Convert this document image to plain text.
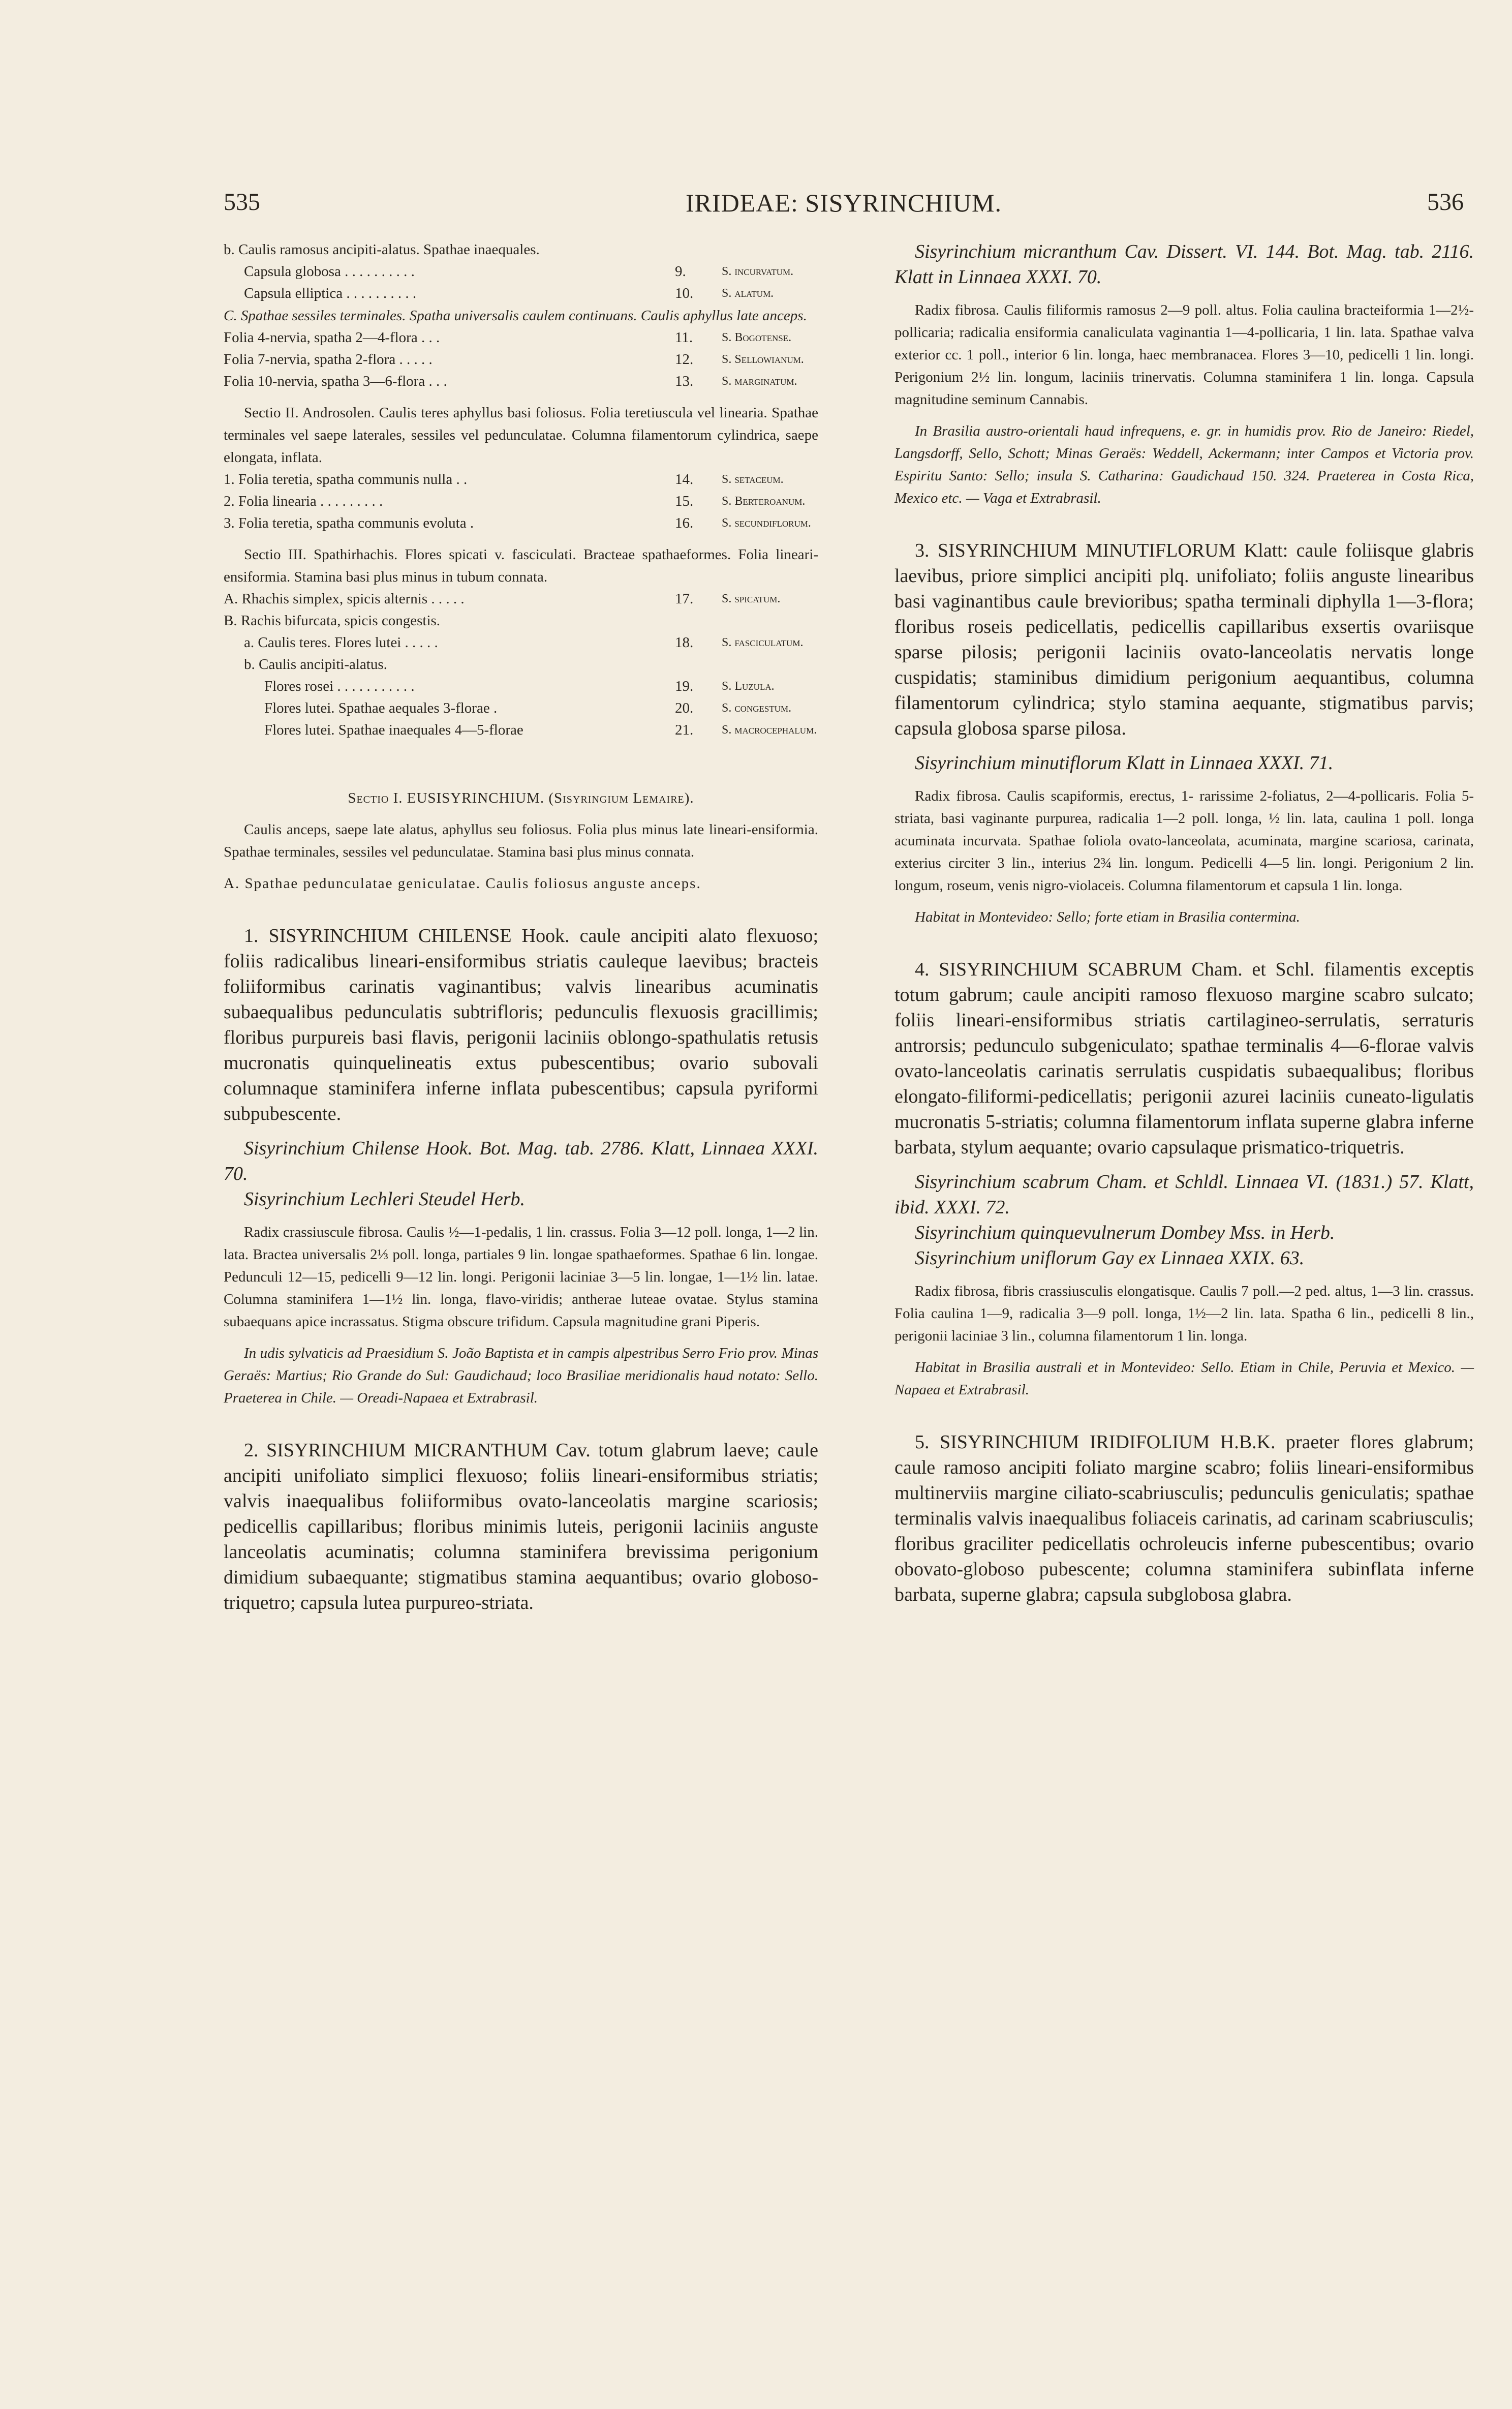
535	IRIDEAE: SISYRINCHIUM.	536
b. Caulis ramosus ancipiti-alatus. Spathae inaequales.
Capsula globosa . . . . . . . . . .	9.	S. incurvatum.
Capsula elliptica . . . . . . . . . .	10.	S. alatum.

C. Spathae sessiles terminales. Spatha universalis caulem continuans. Caulis aphyllus late anceps.

Folia 4-nervia, spatha 2—4-flora . . .	11.	S. Bogotense.
Folia 7-nervia, spatha 2-flora . . . . .	12.	S. Sellowianum.
Folia 10-nervia, spatha 3—6-flora . . .	13.	S. marginatum.

Sectio II. Androsolen. Caulis teres aphyllus basi foliosus. Folia teretiuscula vel linearia. Spathae terminales vel saepe laterales, sessiles vel pedunculatae. Columna filamentorum cylindrica, saepe elongata, inflata.

1. Folia teretia, spatha communis nulla . .	14.	S. setaceum.
2. Folia linearia . . . . . . . . .	15.	S. Berteroanum.
3. Folia teretia, spatha communis evoluta .	16.	S. secundiflorum.

Sectio III. Spathirhachis. Flores spicati v. fasciculati. Bracteae spathaeformes. Folia lineari-ensiformia. Stamina basi plus minus in tubum connata.

A. Rhachis simplex, spicis alternis . . . . .	17.	S. spicatum.
B. Rachis bifurcata, spicis congestis.
a. Caulis teres. Flores lutei . . . . .	18.	S. fasciculatum.
b. Caulis ancipiti-alatus.
Flores rosei . . . . . . . . . . .	19.	S. Luzula.
Flores lutei. Spathae aequales 3-florae .	20.	S. congestum.
Flores lutei. Spathae inaequales 4—5-florae	21.	S. macrocephalum.

Sectio I. EUSISYRINCHIUM. (Sisyringium Lemaire).

Caulis anceps, saepe late alatus, aphyllus seu foliosus. Folia plus minus late lineari-ensiformia. Spathae terminales, sessiles vel pedunculatae. Stamina basi plus minus connata.

A. Spathae pedunculatae geniculatae. Caulis foliosus anguste anceps.

1. SISYRINCHIUM CHILENSE Hook. caule ancipiti alato flexuoso; foliis radicalibus lineari-ensiformibus striatis cauleque laevibus; bracteis foliiformibus carinatis vaginantibus; valvis linearibus acuminatis subaequalibus pedunculatis subtrifloris; pedunculis flexuosis gracillimis; floribus purpureis basi flavis, perigonii laciniis oblongo-spathulatis retusis mucronatis quinquelineatis extus pubescentibus; ovario subovali columnaque staminifera inferne inflata pubescentibus; capsula pyriformi subpubescente.

Sisyrinchium Chilense Hook. Bot. Mag. tab. 2786. Klatt, Linnaea XXXI. 70.

Sisyrinchium Lechleri Steudel Herb.

Radix crassiuscule fibrosa. Caulis ½—1-pedalis, 1 lin. crassus. Folia 3—12 poll. longa, 1—2 lin. lata. Bractea universalis 2⅓ poll. longa, partiales 9 lin. longae spathaeformes. Spathae 6 lin. longae. Pedunculi 12—15, pedicelli 9—12 lin. longi. Perigonii laciniae 3—5 lin. longae, 1—1½ lin. latae. Columna staminifera 1—1½ lin. longa, flavo-viridis; antherae luteae ovatae. Stylus stamina subaequans apice incrassatus. Stigma obscure trifidum. Capsula magnitudine grani Piperis.

In udis sylvaticis ad Praesidium S. João Baptista et in campis alpestribus Serro Frio prov. Minas Geraës: Martius; Rio Grande do Sul: Gaudichaud; loco Brasiliae meridionalis haud notato: Sello. Praeterea in Chile. — Oreadi-Napaea et Extrabrasil.

2. SISYRINCHIUM MICRANTHUM Cav. totum glabrum laeve; caule ancipiti unifoliato simplici flexuoso; foliis lineari-ensiformibus striatis; valvis inaequalibus foliiformibus ovato-lanceolatis margine scariosis; pedicellis capillaribus; floribus minimis luteis, perigonii laciniis anguste lanceolatis acuminatis; columna staminifera brevissima perigonium dimidium subaequante; stigmatibus stamina aequantibus; ovario globoso-triquetro; capsula lutea purpureo-striata.

Sisyrinchium micranthum Cav. Dissert. VI. 144. Bot. Mag. tab. 2116. Klatt in Linnaea XXXI. 70.

Radix fibrosa. Caulis filiformis ramosus 2—9 poll. altus. Folia caulina bracteiformia 1—2½-pollicaria; radicalia ensiformia canaliculata vaginantia 1—4-pollicaria, 1 lin. lata. Spathae valva exterior cc. 1 poll., interior 6 lin. longa, haec membranacea. Flores 3—10, pedicelli 1 lin. longi. Perigonium 2½ lin. longum, laciniis trinervatis. Columna staminifera 1 lin. longa. Capsula magnitudine seminum Cannabis.

In Brasilia austro-orientali haud infrequens, e. gr. in humidis prov. Rio de Janeiro: Riedel, Langsdorff, Sello, Schott; Minas Geraës: Weddell, Ackermann; inter Campos et Victoria prov. Espiritu Santo: Sello; insula S. Catharina: Gaudichaud 150. 324. Praeterea in Costa Rica, Mexico etc. — Vaga et Extrabrasil.

3. SISYRINCHIUM MINUTIFLORUM Klatt: caule foliisque glabris laevibus, priore simplici ancipiti plq. unifoliato; foliis anguste linearibus basi vaginantibus caule brevioribus; spatha terminali diphylla 1—3-flora; floribus roseis pedicellatis, pedicellis capillaribus exsertis ovariisque sparse pilosis; perigonii laciniis ovato-lanceolatis nervatis longe cuspidatis; staminibus dimidium perigonium aequantibus, columna filamentorum cylindrica; stylo stamina aequante, stigmatibus parvis; capsula globosa sparse pilosa.

Sisyrinchium minutiflorum Klatt in Linnaea XXXI. 71.

Radix fibrosa. Caulis scapiformis, erectus, 1- rarissime 2-foliatus, 2—4-pollicaris. Folia 5-striata, basi vaginante purpurea, radicalia 1—2 poll. longa, ½ lin. lata, caulina 1 poll. longa acuminata incurvata. Spathae foliola ovato-lanceolata, acuminata, margine scariosa, carinata, exterius circiter 3 lin., interius 2¾ lin. longum. Pedicelli 4—5 lin. longi. Perigonium 2 lin. longum, roseum, venis nigro-violaceis. Columna filamentorum et capsula 1 lin. longa.

Habitat in Montevideo: Sello; forte etiam in Brasilia contermina.

4. SISYRINCHIUM SCABRUM Cham. et Schl. filamentis exceptis totum gabrum; caule ancipiti ramoso flexuoso margine scabro sulcato; foliis lineari-ensiformibus striatis cartilagineo-serrulatis, serraturis antrorsis; pedunculo subgeniculato; spathae terminalis 4—6-florae valvis ovato-lanceolatis carinatis serrulatis cuspidatis subaequalibus; floribus elongato-filiformi-pedicellatis; perigonii azurei laciniis cuneato-ligulatis mucronatis 5-striatis; columna filamentorum inflata superne glabra inferne barbata, stylum aequante; ovario capsulaque prismatico-triquetris.

Sisyrinchium scabrum Cham. et Schldl. Linnaea VI. (1831.) 57. Klatt, ibid. XXXI. 72.

Sisyrinchium quinquevulnerum Dombey Mss. in Herb.

Sisyrinchium uniflorum Gay ex Linnaea XXIX. 63.

Radix fibrosa, fibris crassiusculis elongatisque. Caulis 7 poll.—2 ped. altus, 1—3 lin. crassus. Folia caulina 1—9, radicalia 3—9 poll. longa, 1½—2 lin. lata. Spatha 6 lin., pedicelli 8 lin., perigonii laciniae 3 lin., columna filamentorum 1 lin. longa.

Habitat in Brasilia australi et in Montevideo: Sello. Etiam in Chile, Peruvia et Mexico. — Napaea et Extrabrasil.

5. SISYRINCHIUM IRIDIFOLIUM H.B.K. praeter flores glabrum; caule ramoso ancipiti foliato margine scabro; foliis lineari-ensiformibus multinerviis margine ciliato-scabriusculis; pedunculis geniculatis; spathae terminalis valvis inaequalibus foliaceis carinatis, ad carinam scabriusculis; floribus graciliter pedicellatis ochroleucis inferne pubescentibus; ovario obovato-globoso pubescente; columna staminifera subinflata inferne barbata, superne glabra; capsula subglobosa glabra.
